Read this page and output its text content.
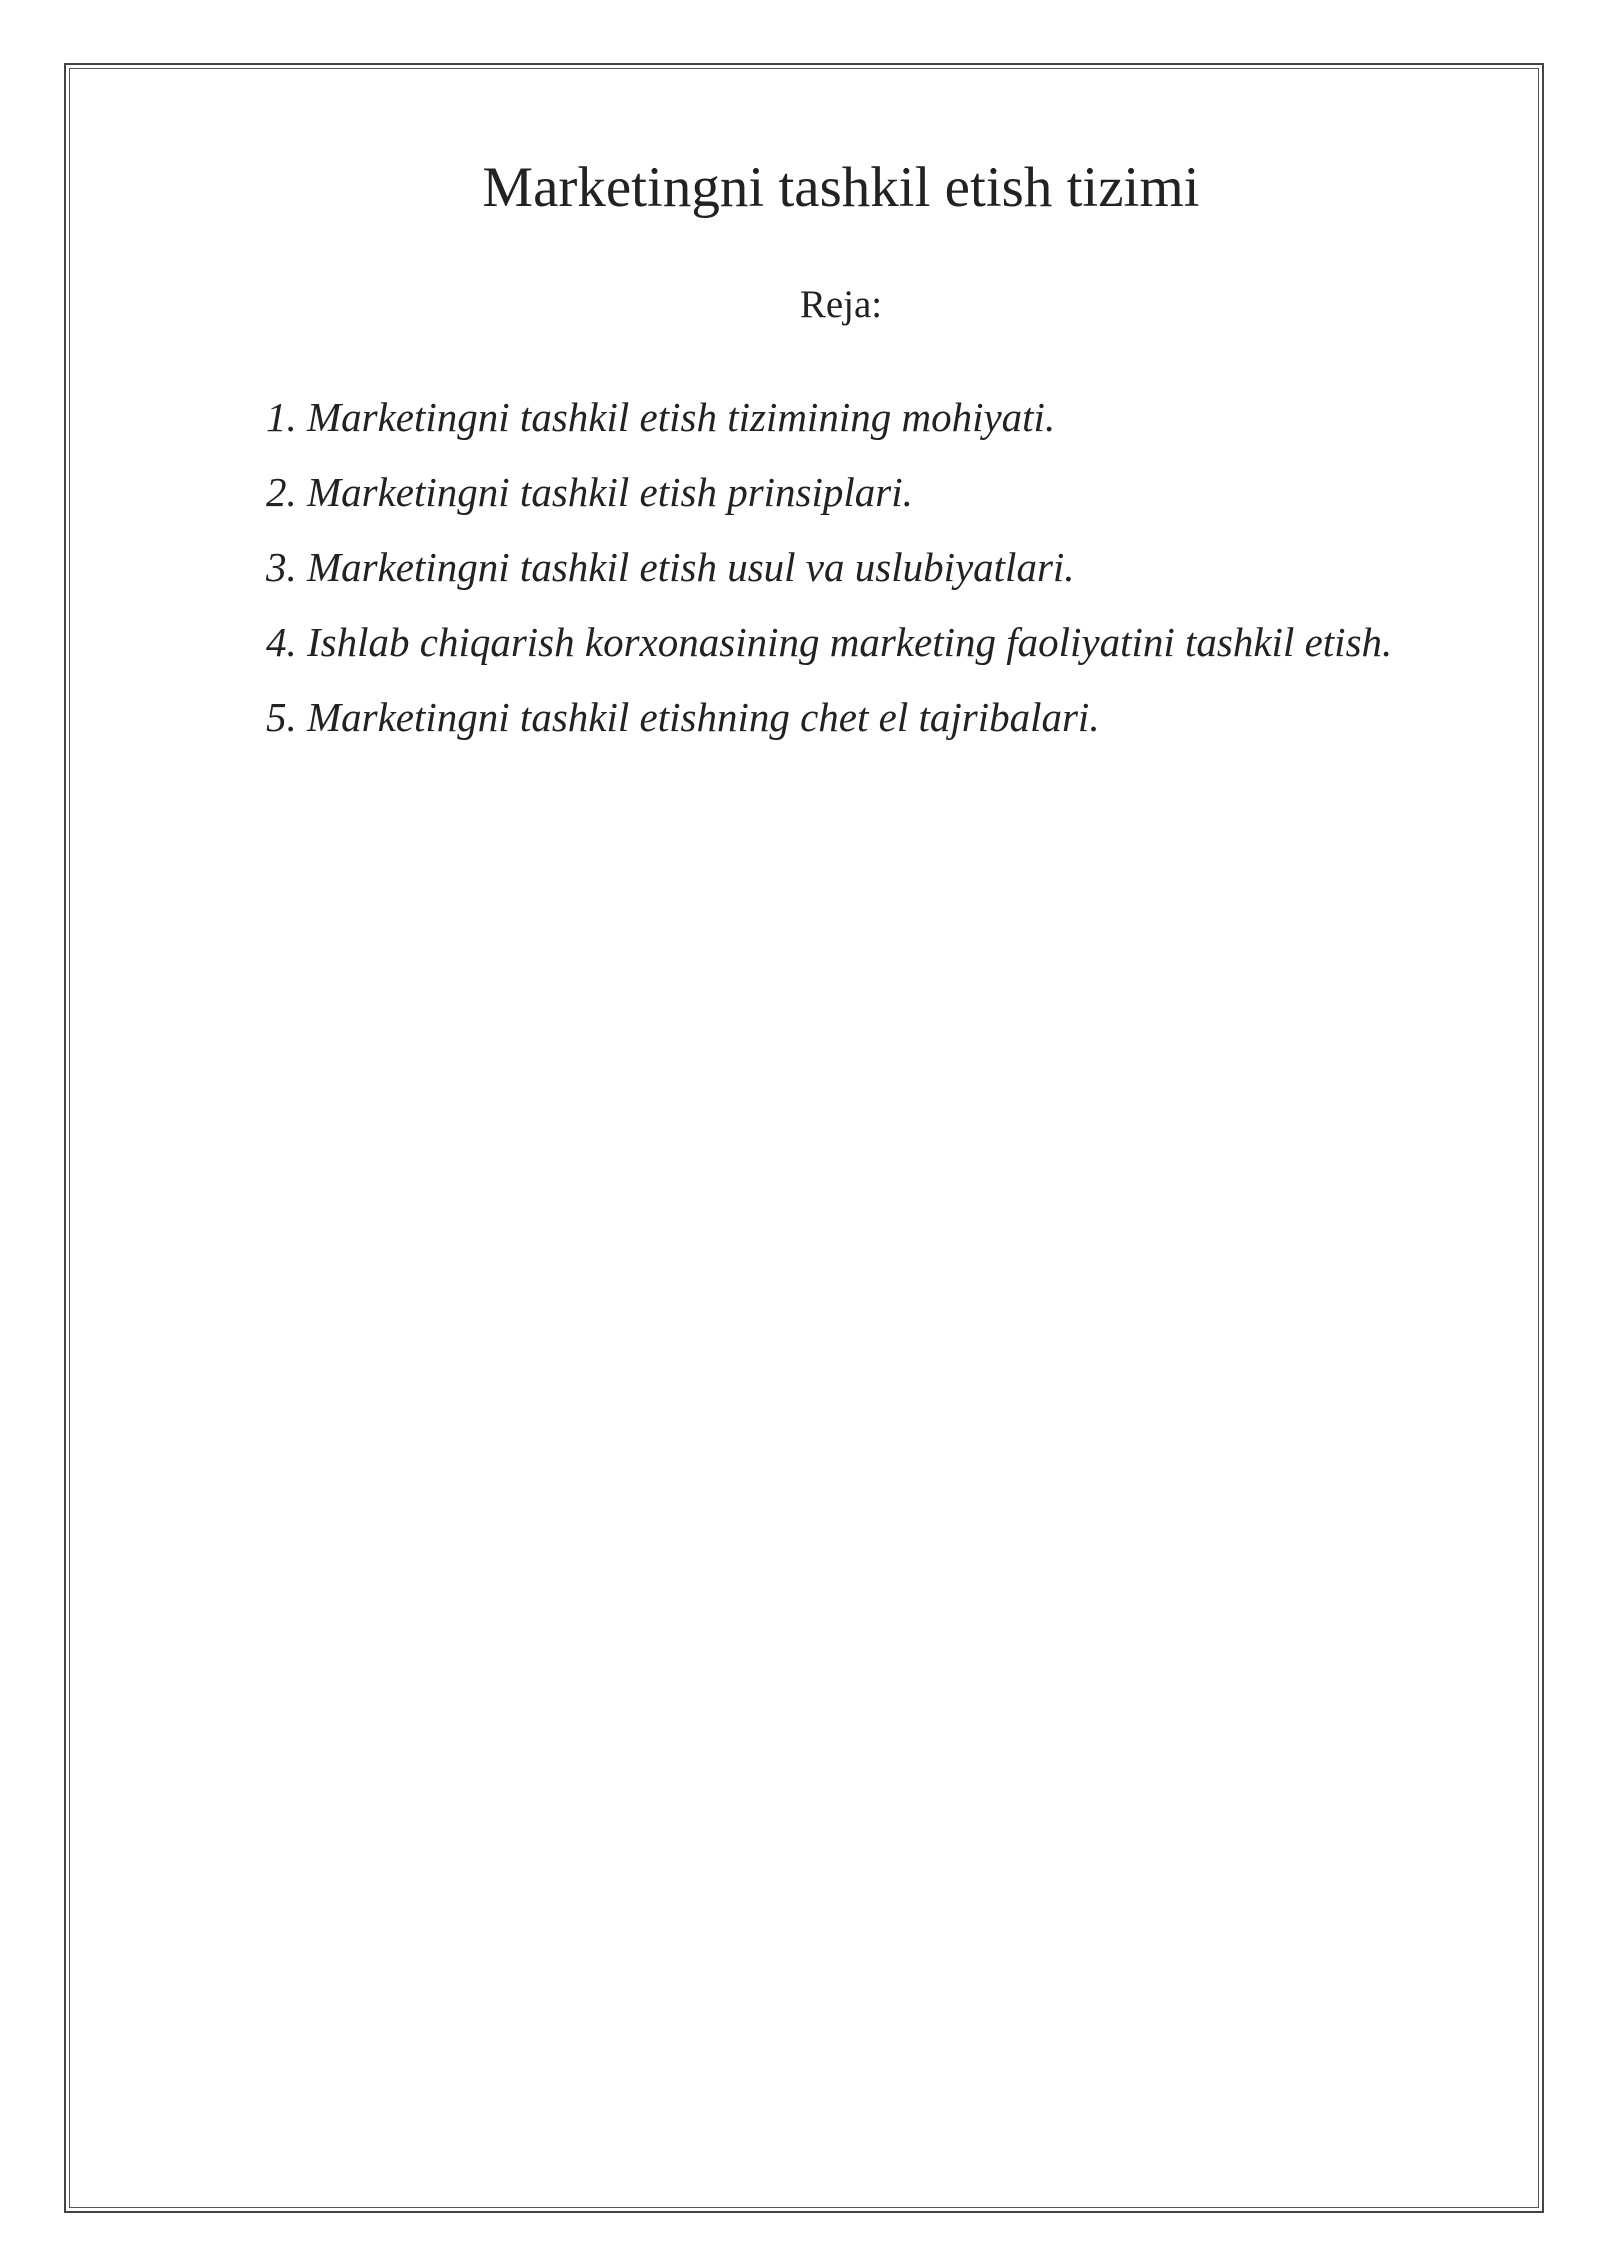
Marketingni tashkil etish tizimi
Reja:
1. Marketingni tashkil etish tizimining mohiyati.
2. Marketingni tashkil etish prinsiplari.
3. Marketingni tashkil etish usul va uslubiyatlari.
4. Ishlab chiqarish korxonasining marketing faoliyatini tashkil etish.
5. Marketingni tashkil etishning chet el tajribalari.
